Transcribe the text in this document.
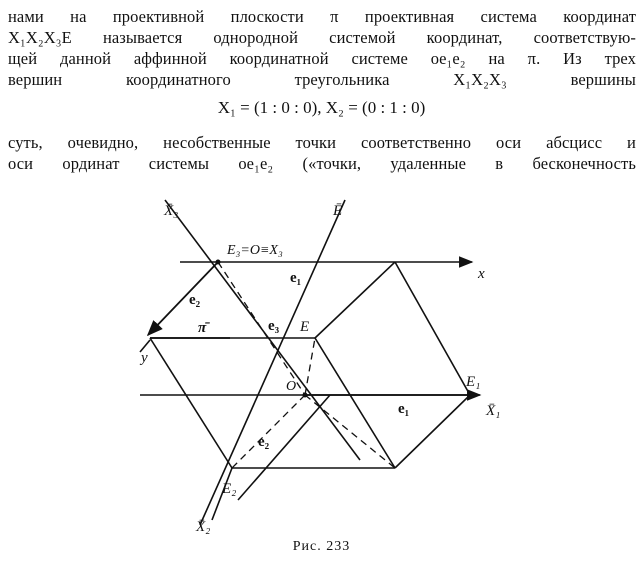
нами на проективной плоскости π проективная система координат
X₁X₂X₃E называется однородной системой координат, соответствую-
щей данной аффинной координатной системе oe₁e₂ на π. Из трех
вершин координатного треугольника X₁X₂X₃ вершины
X₁ = (1 : 0 : 0), X₂ = (0 : 1 : 0)
суть, очевидно, несобственные точки соответственно оси абсцисс и
оси ординат системы oe₁e₂ («точки, удаленные в бесконечность
X̄₃	Ē
E₃=O≡X₃
e₁	x
e₂
π̄	e₃ E
y
O	E₁
e₁	X̄₁
e₂
E₂
X̄₂
Рис. 233
